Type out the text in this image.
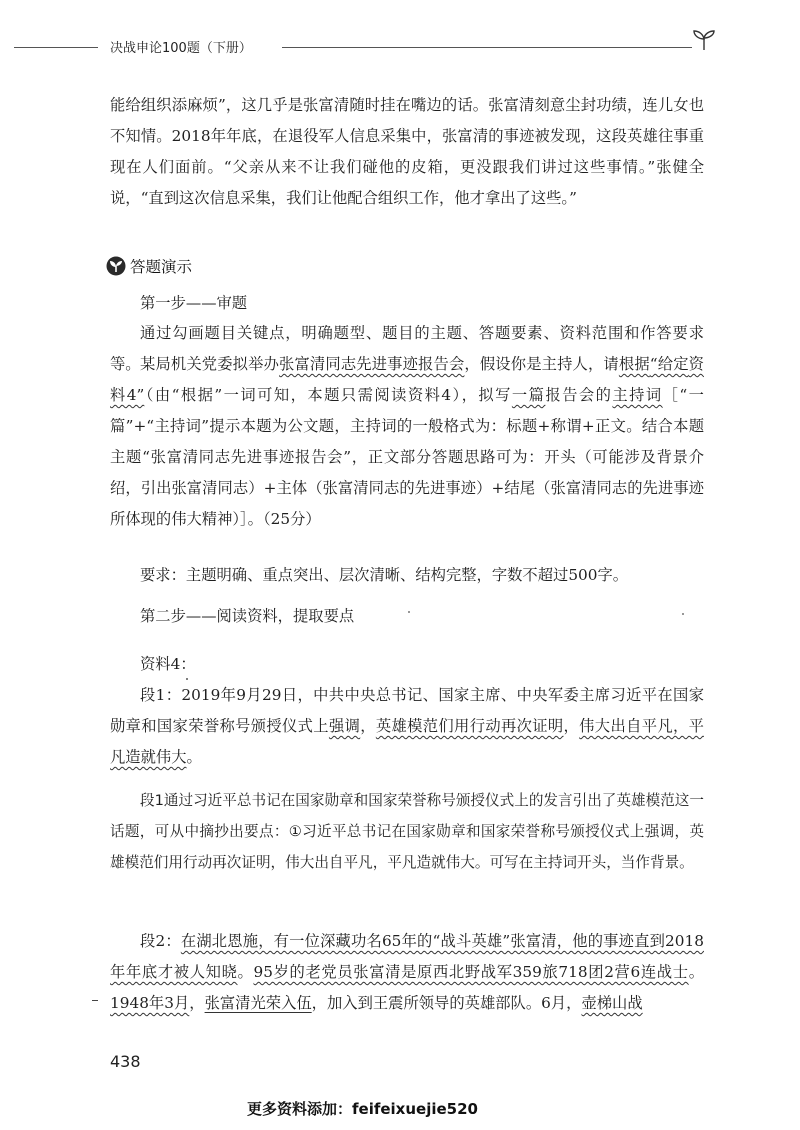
决战申论100题（下册）

能给组织添麻烦”，这几乎是张富清随时挂在嘴边的话。张富清刻意尘封功绩，连儿女也不知情。2018年年底，在退役军人信息采集中，张富清的事迹被发现，这段英雄往事重现在人们面前。“父亲从来不让我们碰他的皮箱，更没跟我们讲过这些事情。”张健全说，“直到这次信息采集，我们让他配合组织工作，他才拿出了这些。”

答题演示

第一步——审题

通过勾画题目关键点，明确题型、题目的主题、答题要素、资料范围和作答要求等。 某局机关党委拟举办张富清同志先进事迹报告会，假设你是主持人，请根据“给定资料4”（由“根据”一词可知，本题只需阅读资料4），拟写一篇报告会的主持词［“一篇”+“主持词”提示本题为公文题，主持词的一般格式为：标题+称谓+正文。结合本题主题“张富清同志先进事迹报告会”，正文部分答题思路可为：开头（可能涉及背景介绍，引出张富清同志）+主体（张富清同志的先进事迹）+结尾（张富清同志的先进事迹所体现的伟大精神）］。（25分）

要求：主题明确、重点突出、层次清晰、结构完整，字数不超过500字。

第二步——阅读资料，提取要点

资料4：

段1：2019年9月29日，中共中央总书记、国家主席、中央军委主席习近平在国家勋章和国家荣誉称号颁授仪式上强调，英雄模范们用行动再次证明，伟大出自平凡，平凡造就伟大。

段1通过习近平总书记在国家勋章和国家荣誉称号颁授仪式上的发言引出了英雄模范这一话题，可从中摘抄出要点：①习近平总书记在国家勋章和国家荣誉称号颁授仪式上强调，英雄模范们用行动再次证明，伟大出自平凡，平凡造就伟大。可写在主持词开头，当作背景。

段2：在湖北恩施，有一位深藏功名65年的“战斗英雄”张富清，他的事迹直到2018年年底才被人知晓。95岁的老党员张富清是原西北野战军359旅718团2营6连战士。1948年3月，张富清光荣入伍，加入到王震所领导的英雄部队。6月，壶梯山战

438
更多资料添加：feifeixuejie520
